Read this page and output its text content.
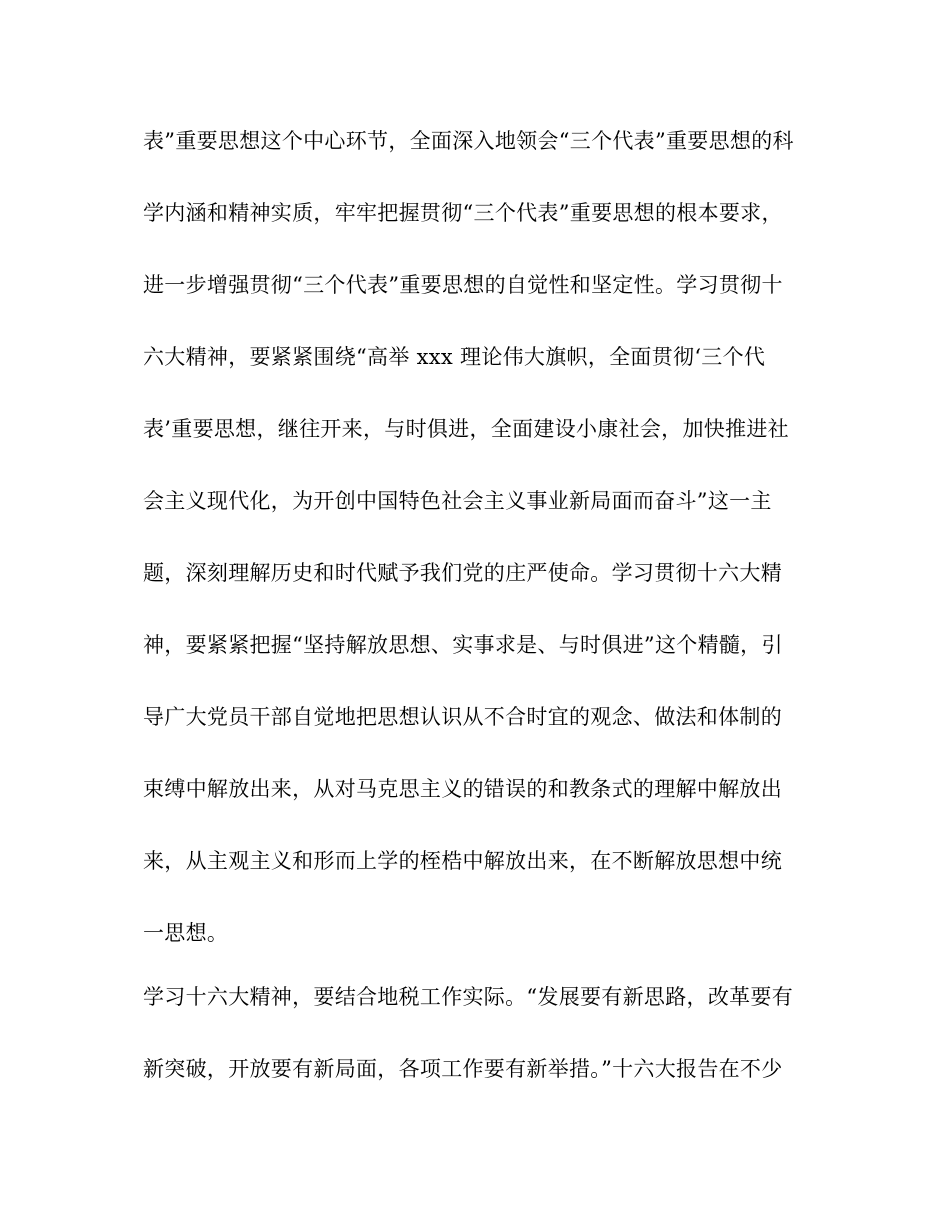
表”重要思想这个中心环节，全面深入地领会“三个代表”重要思想的科
学内涵和精神实质，牢牢把握贯彻“三个代表”重要思想的根本要求，
进一步增强贯彻“三个代表”重要思想的自觉性和坚定性。学习贯彻十
六大精神，要紧紧围绕“高举 xxx 理论伟大旗帜，全面贯彻‘三个代
表’重要思想，继往开来，与时俱进，全面建设小康社会，加快推进社
会主义现代化，为开创中国特色社会主义事业新局面而奋斗”这一主
题，深刻理解历史和时代赋予我们党的庄严使命。学习贯彻十六大精
神，要紧紧把握“坚持解放思想、实事求是、与时俱进”这个精髓，引
导广大党员干部自觉地把思想认识从不合时宜的观念、做法和体制的
束缚中解放出来，从对马克思主义的错误的和教条式的理解中解放出
来，从主观主义和形而上学的桎梏中解放出来，在不断解放思想中统
一思想。
学习十六大精神，要结合地税工作实际。“发展要有新思路，改革要有
新突破，开放要有新局面，各项工作要有新举措。”十六大报告在不少
